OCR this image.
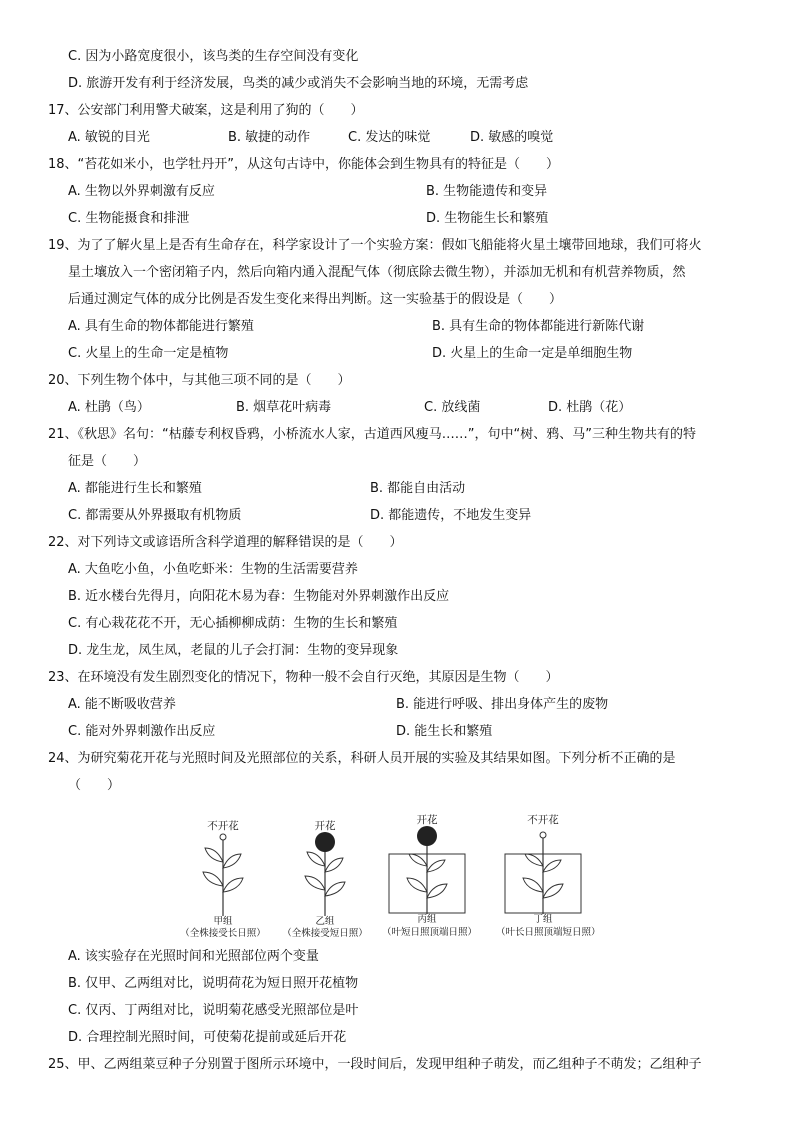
C. 因为小路宽度很小，该鸟类的生存空间没有变化
D. 旅游开发有利于经济发展，鸟类的减少或消失不会影响当地的环境，无需考虑
17、公安部门利用警犬破案，这是利用了狗的（　　）
A. 敏锐的目光	B. 敏捷的动作	C. 发达的味觉	D. 敏感的嗅觉
18、“苔花如米小，也学牡丹开”，从这句古诗中，你能体会到生物具有的特征是（　　）
A. 生物以外界刺激有反应	B. 生物能遗传和变异
C. 生物能摄食和排泄	D. 生物能生长和繁殖
19、为了了解火星上是否有生命存在，科学家设计了一个实验方案：假如飞船能将火星土壤带回地球，我们可将火
星土壤放入一个密闭箱子内，然后向箱内通入混配气体（彻底除去微生物），并添加无机和有机营养物质，然
后通过测定气体的成分比例是否发生变化来得出判断。这一实验基于的假设是（　　）
A. 具有生命的物体都能进行繁殖	B. 具有生命的物体都能进行新陈代谢
C. 火星上的生命一定是植物	D. 火星上的生命一定是单细胞生物
20、下列生物个体中，与其他三项不同的是（　　）
A. 杜鹃（鸟）	B. 烟草花叶病毒	C. 放线菌	D. 杜鹃（花）
21、《秋思》名句：“枯藤专利杈昏鸦，小桥流水人家，古道西风瘦马……”，句中“树、鸦、马”三种生物共有的特
征是（　　）
A. 都能进行生长和繁殖	B. 都能自由活动
C. 都需要从外界摄取有机物质	D. 都能遗传，不地发生变异
22、对下列诗文或谚语所含科学道理的解释错误的是（　　）
A. 大鱼吃小鱼，小鱼吃虾米：生物的生活需要营养
B. 近水楼台先得月，向阳花木易为春：生物能对外界刺激作出反应
C. 有心栽花花不开，无心插柳柳成荫：生物的生长和繁殖
D. 龙生龙，凤生凤，老鼠的儿子会打洞：生物的变异现象
23、在环境没有发生剧烈变化的情况下，物种一般不会自行灭绝，其原因是生物（　　）
A. 能不断吸收营养	B. 能进行呼吸、排出身体产生的废物
C. 能对外界刺激作出反应	D. 能生长和繁殖
24、为研究菊花开花与光照时间及光照部位的关系，科研人员开展的实验及其结果如图。下列分析不正确的是
（　　）
不开花
甲组
（全株接受长日照）
开花
乙组
（全株接受短日照）
开花
丙组
（叶短日照顶端日照）
不开花
丁组
（叶长日照顶端短日照）
A. 该实验存在光照时间和光照部位两个变量
B. 仅甲、乙两组对比，说明荷花为短日照开花植物
C. 仅丙、丁两组对比，说明菊花感受光照部位是叶
D. 合理控制光照时间，可使菊花提前或延后开花
25、甲、乙两组菜豆种子分别置于图所示环境中，一段时间后，发现甲组种子萌发，而乙组种子不萌发；乙组种子
